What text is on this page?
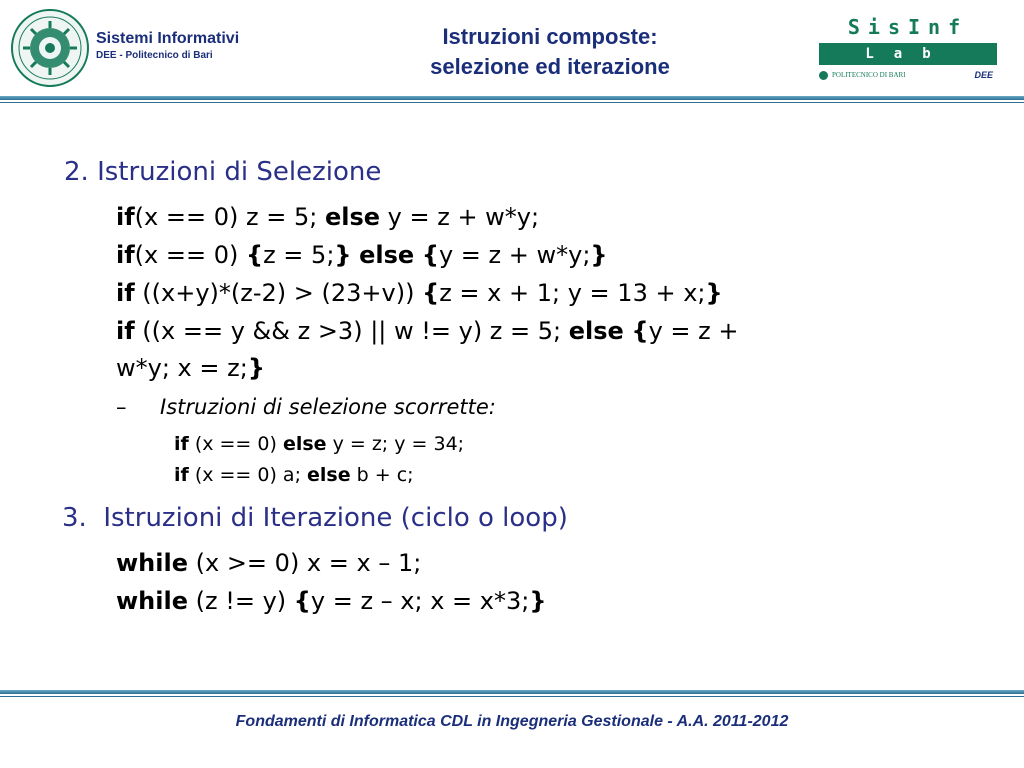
Sistemi Informativi
DEE - Politecnico di Bari
Istruzioni composte:
selezione ed iterazione
SisInf
Lab
POLITECNICO DI BARI	DEE
2. Istruzioni di Selezione
if(x == 0) z = 5; else y = z + w*y;
if(x == 0) {z = 5;} else {y = z + w*y;}
if ((x+y)*(z-2) > (23+v)) {z = x + 1; y = 13 + x;}
if ((x == y && z >3) || w != y) z = 5; else {y = z +
w*y; x = z;}
– Istruzioni di selezione scorrette:
if (x == 0) else y = z; y = 34;
if (x == 0) a; else b + c;
3. Istruzioni di Iterazione (ciclo o loop)
while (x >= 0) x = x – 1;
while (z != y) {y = z – x; x = x*3;}
Fondamenti di Informatica CDL in Ingegneria Gestionale - A.A. 2011-2012
